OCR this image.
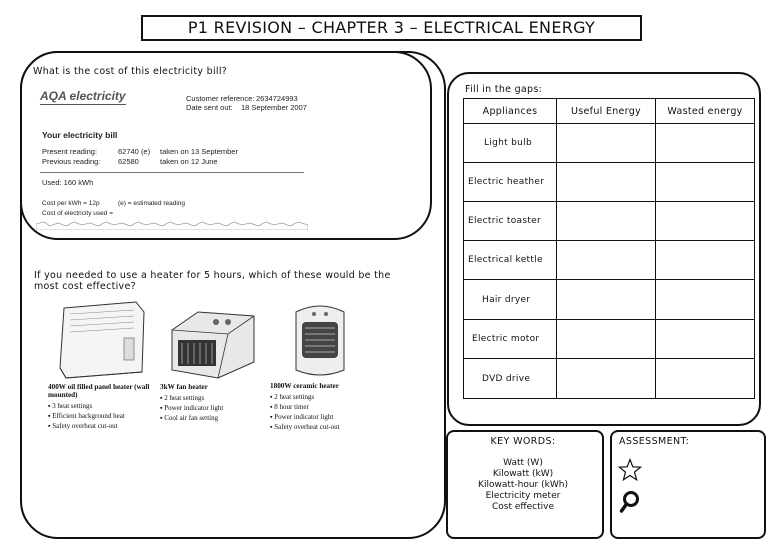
P1 REVISION – CHAPTER 3 – ELECTRICAL ENERGY
What is the cost of this electricity bill?
AQA electricity	Customer reference: 2634724993
Date sent out: 18 September 2007
Your electricity bill
Present reading:	62740 (e) taken on 13 September
Previous reading: 62580	taken on 12 June
Used: 160 kWh
Cost per kWh = 12p	(e) = estimated reading
Cost of electricity used =
If you needed to use a heater for 5 hours, which of these would be the most cost effective?
400W oil filled panel heater (wall mounted)
▪ 3 heat settings
▪ Efficient background heat
▪ Safety overheat cut-out
3kW fan heater
▪ 2 heat settings
▪ Power indicator light
▪ Cool air fan setting
1800W ceramic heater
▪ 2 heat settings
▪ 8 hour timer
▪ Power indicator light
▪ Safety overheat cut-out
Fill in the gaps:
Appliances	Useful Energy	Wasted energy
Light bulb		
Electric heather		
Electric toaster		
Electrical kettle		
Hair dryer		
Electric motor		
DVD drive		
KEY WORDS:
Watt (W)
Kilowatt (kW)
Kilowatt-hour (kWh)
Electricity meter
Cost effective
ASSESSMENT:
